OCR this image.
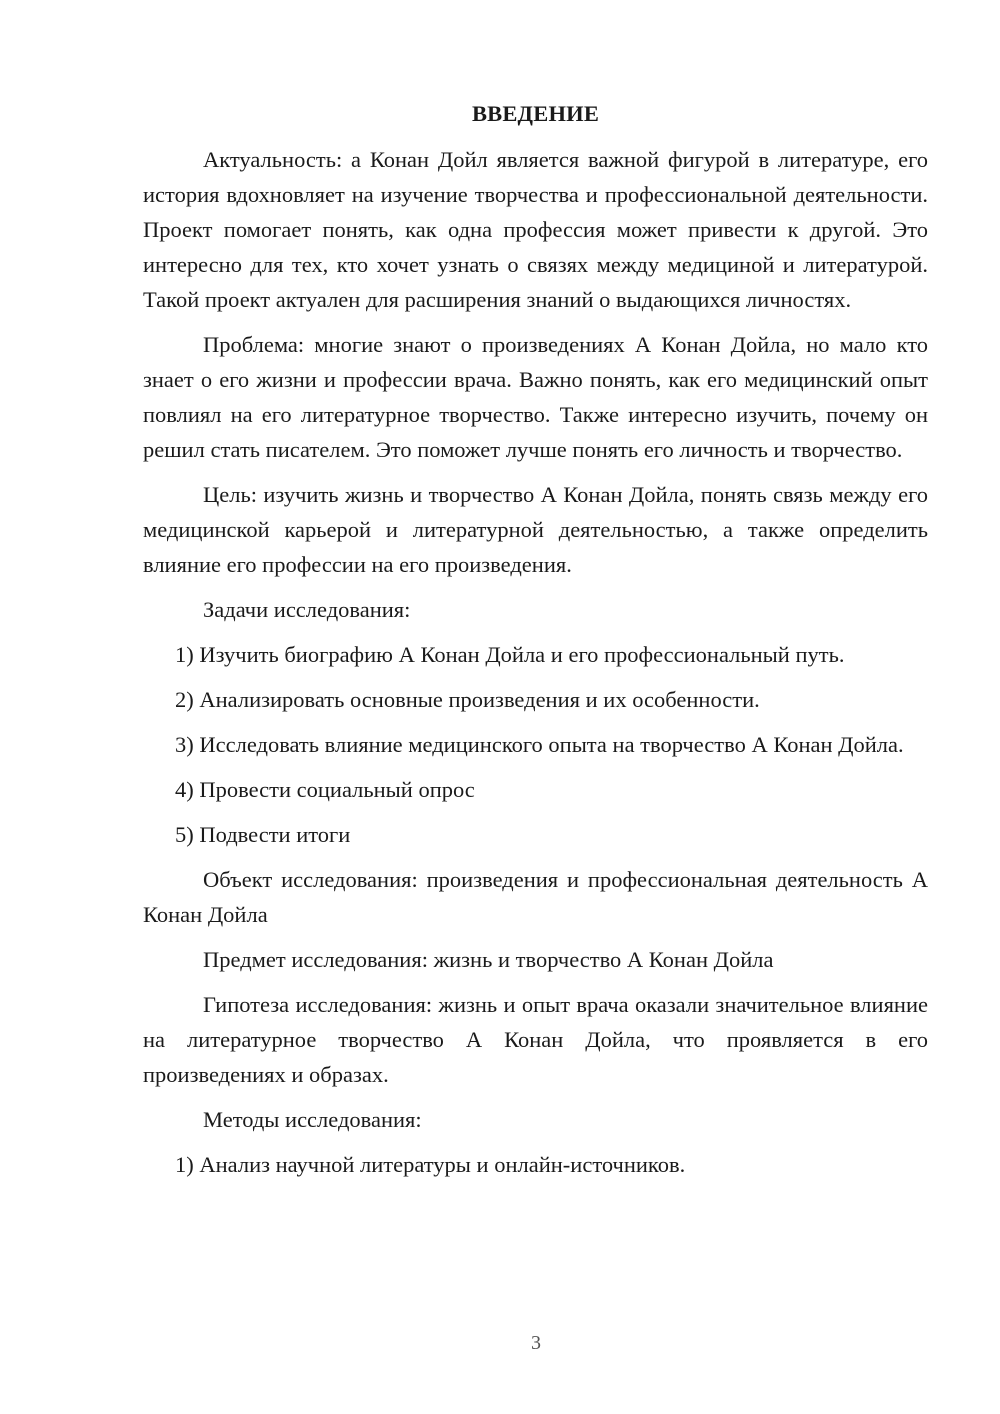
ВВЕДЕНИЕ

Актуальность: а Конан Дойл является важной фигурой в литературе, его история вдохновляет на изучение творчества и профессиональной деятельности. Проект помогает понять, как одна профессия может привести к другой. Это интересно для тех, кто хочет узнать о связях между медициной и литературой. Такой проект актуален для расширения знаний о выдающихся личностях.

Проблема: многие знают о произведениях А Конан Дойла, но мало кто знает о его жизни и профессии врача. Важно понять, как его медицинский опыт повлиял на его литературное творчество. Также интересно изучить, почему он решил стать писателем. Это поможет лучше понять его личность и творчество.

Цель: изучить жизнь и творчество А Конан Дойла, понять связь между его медицинской карьерой и литературной деятельностью, а также определить влияние его профессии на его произведения.

Задачи исследования:

1) Изучить биографию А Конан Дойла и его профессиональный путь.

2) Анализировать основные произведения и их особенности.

3) Исследовать влияние медицинского опыта на творчество А Конан Дойла.

4) Провести социальный опрос

5) Подвести итоги

Объект исследования: произведения и профессиональная деятельность А Конан Дойла

Предмет исследования: жизнь и творчество А Конан Дойла

Гипотеза исследования: жизнь и опыт врача оказали значительное влияние на литературное творчество А Конан Дойла, что проявляется в его произведениях и образах.

Методы исследования:

1) Анализ научной литературы и онлайн-источников.

3
